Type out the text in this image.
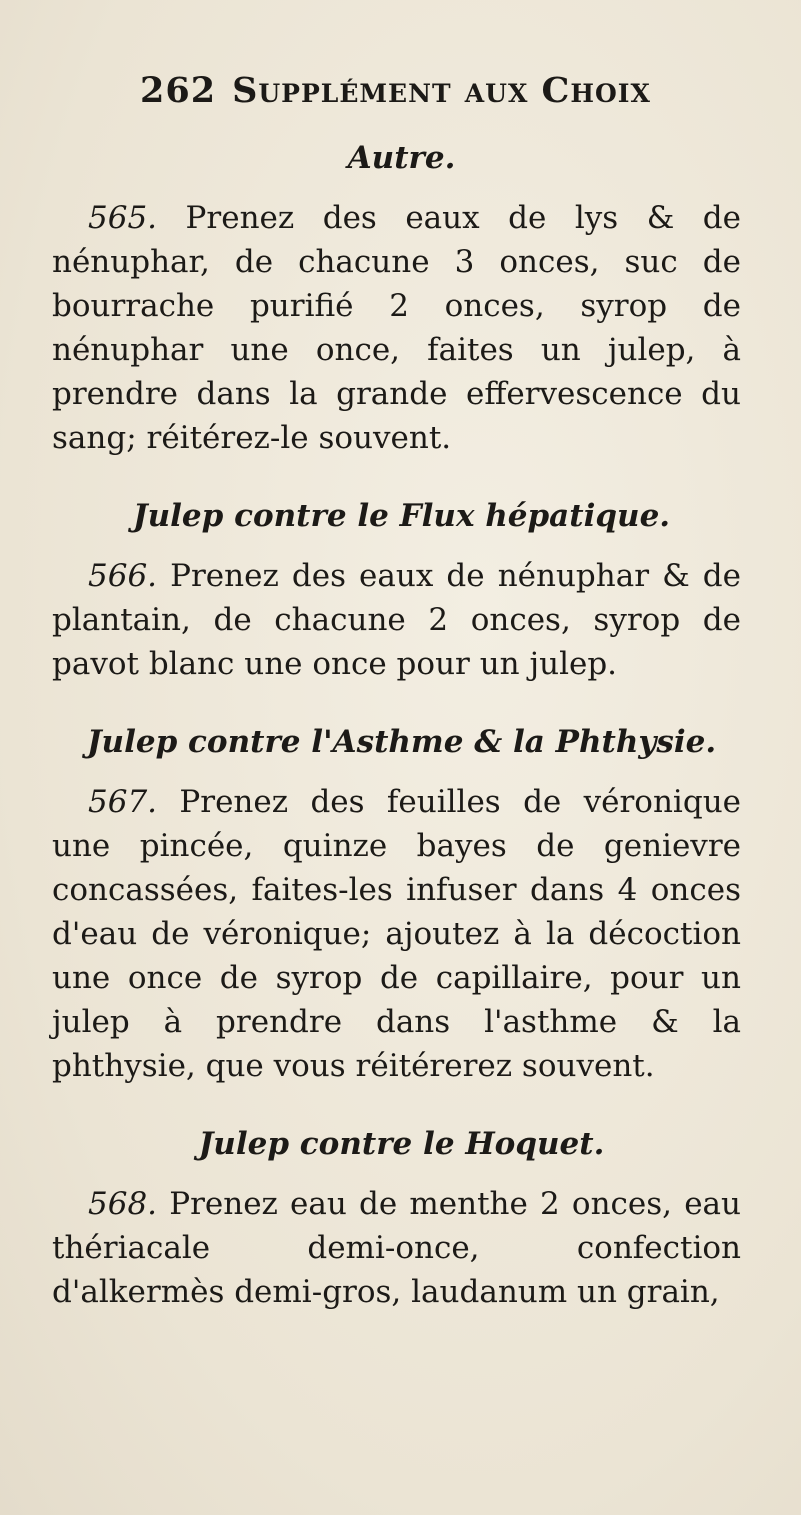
262 Supplément aux Choix
Autre.

565. Prenez des eaux de lys & de nénuphar, de chacune 3 onces, suc de bourrache purifié 2 onces, syrop de nénuphar une once, faites un julep, à prendre dans la grande effervescence du sang; réitérez-le souvent.

Julep contre le Flux hépatique.

566. Prenez des eaux de nénuphar & de plantain, de chacune 2 onces, syrop de pavot blanc une once pour un julep.

Julep contre l'Asthme & la Phthysie.

567. Prenez des feuilles de véronique une pincée, quinze bayes de genievre concassées, faites-les infuser dans 4 onces d'eau de véronique; ajoutez à la décoction une once de syrop de capillaire, pour un julep à prendre dans l'asthme & la phthysie, que vous réitérerez souvent.

Julep contre le Hoquet.

568. Prenez eau de menthe 2 onces, eau thériacale demi-once, confection d'alkermès demi-gros, laudanum un grain,
